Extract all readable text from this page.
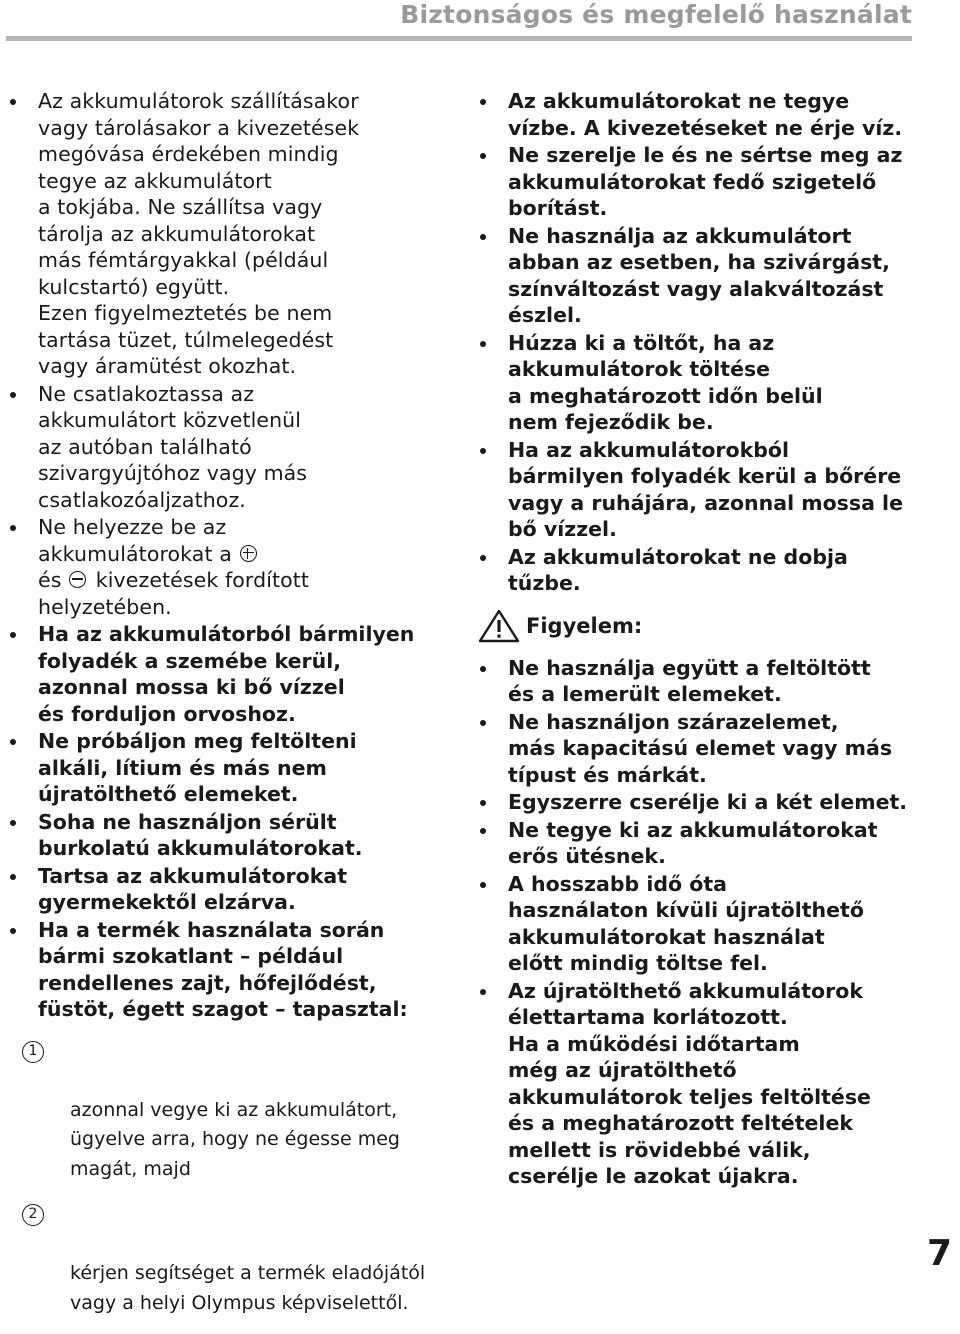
Biztonságos és megfelelő használat
Az akkumulátorok szállításakor
vagy tárolásakor a kivezetések
megóvása érdekében mindig
tegye az akkumulátort
a tokjába. Ne szállítsa vagy
tárolja az akkumulátorokat
más fémtárgyakkal (például
kulcstartó) együtt.
Ezen figyelmeztetés be nem
tartása tüzet, túlmelegedést
vagy áramütést okozhat.
Ne csatlakoztassa az
akkumulátort közvetlenül
az autóban található
szivargyújtóhoz vagy más
csatlakozóaljzathoz.
Ne helyezze be az
akkumulátorokat a
és  kivezetések fordított
helyzetében.
Ha az akkumulátorból bármilyen
folyadék a szemébe kerül,
azonnal mossa ki bő vízzel
és forduljon orvoshoz.
Ne próbáljon meg feltölteni
alkáli, lítium és más nem
újratölthető elemeket.
Soha ne használjon sérült
burkolatú akkumulátorokat.
Tartsa az akkumulátorokat
gyermekektől elzárva.
Ha a termék használata során
bármi szokatlant – például
rendellenes zajt, hőfejlődést,
füstöt, égett szagot – tapasztal:

1

azonnal vegye ki az akkumulátort,
ügyelve arra, hogy ne égesse meg
magát, majd

2

kérjen segítséget a termék eladójától
vagy a helyi Olympus képviselettől.

Az akkumulátorokat ne tegye
vízbe. A kivezetéseket ne érje víz.
Ne szerelje le és ne sértse meg az
akkumulátorokat fedő szigetelő
borítást.
Ne használja az akkumulátort
abban az esetben, ha szivárgást,
színváltozást vagy alakváltozást
észlel.
Húzza ki a töltőt, ha az
akkumulátorok töltése
a meghatározott időn belül
nem fejeződik be.
Ha az akkumulátorokból
bármilyen folyadék kerül a bőrére
vagy a ruhájára, azonnal mossa le
bő vízzel.
Az akkumulátorokat ne dobja
tűzbe.
Figyelem:
Ne használja együtt a feltöltött
és a lemerült elemeket.
Ne használjon szárazelemet,
más kapacitású elemet vagy más
típust és márkát.
Egyszerre cserélje ki a két elemet.
Ne tegye ki az akkumulátorokat
erős ütésnek.
A hosszabb idő óta
használaton kívüli újratölthető
akkumulátorokat használat
előtt mindig töltse fel.
Az újratölthető akkumulátorok
élettartama korlátozott.
Ha a működési időtartam
még az újratölthető
akkumulátorok teljes feltöltése
és a meghatározott feltételek
mellett is rövidebbé válik,
cserélje le azokat újakra.
7
